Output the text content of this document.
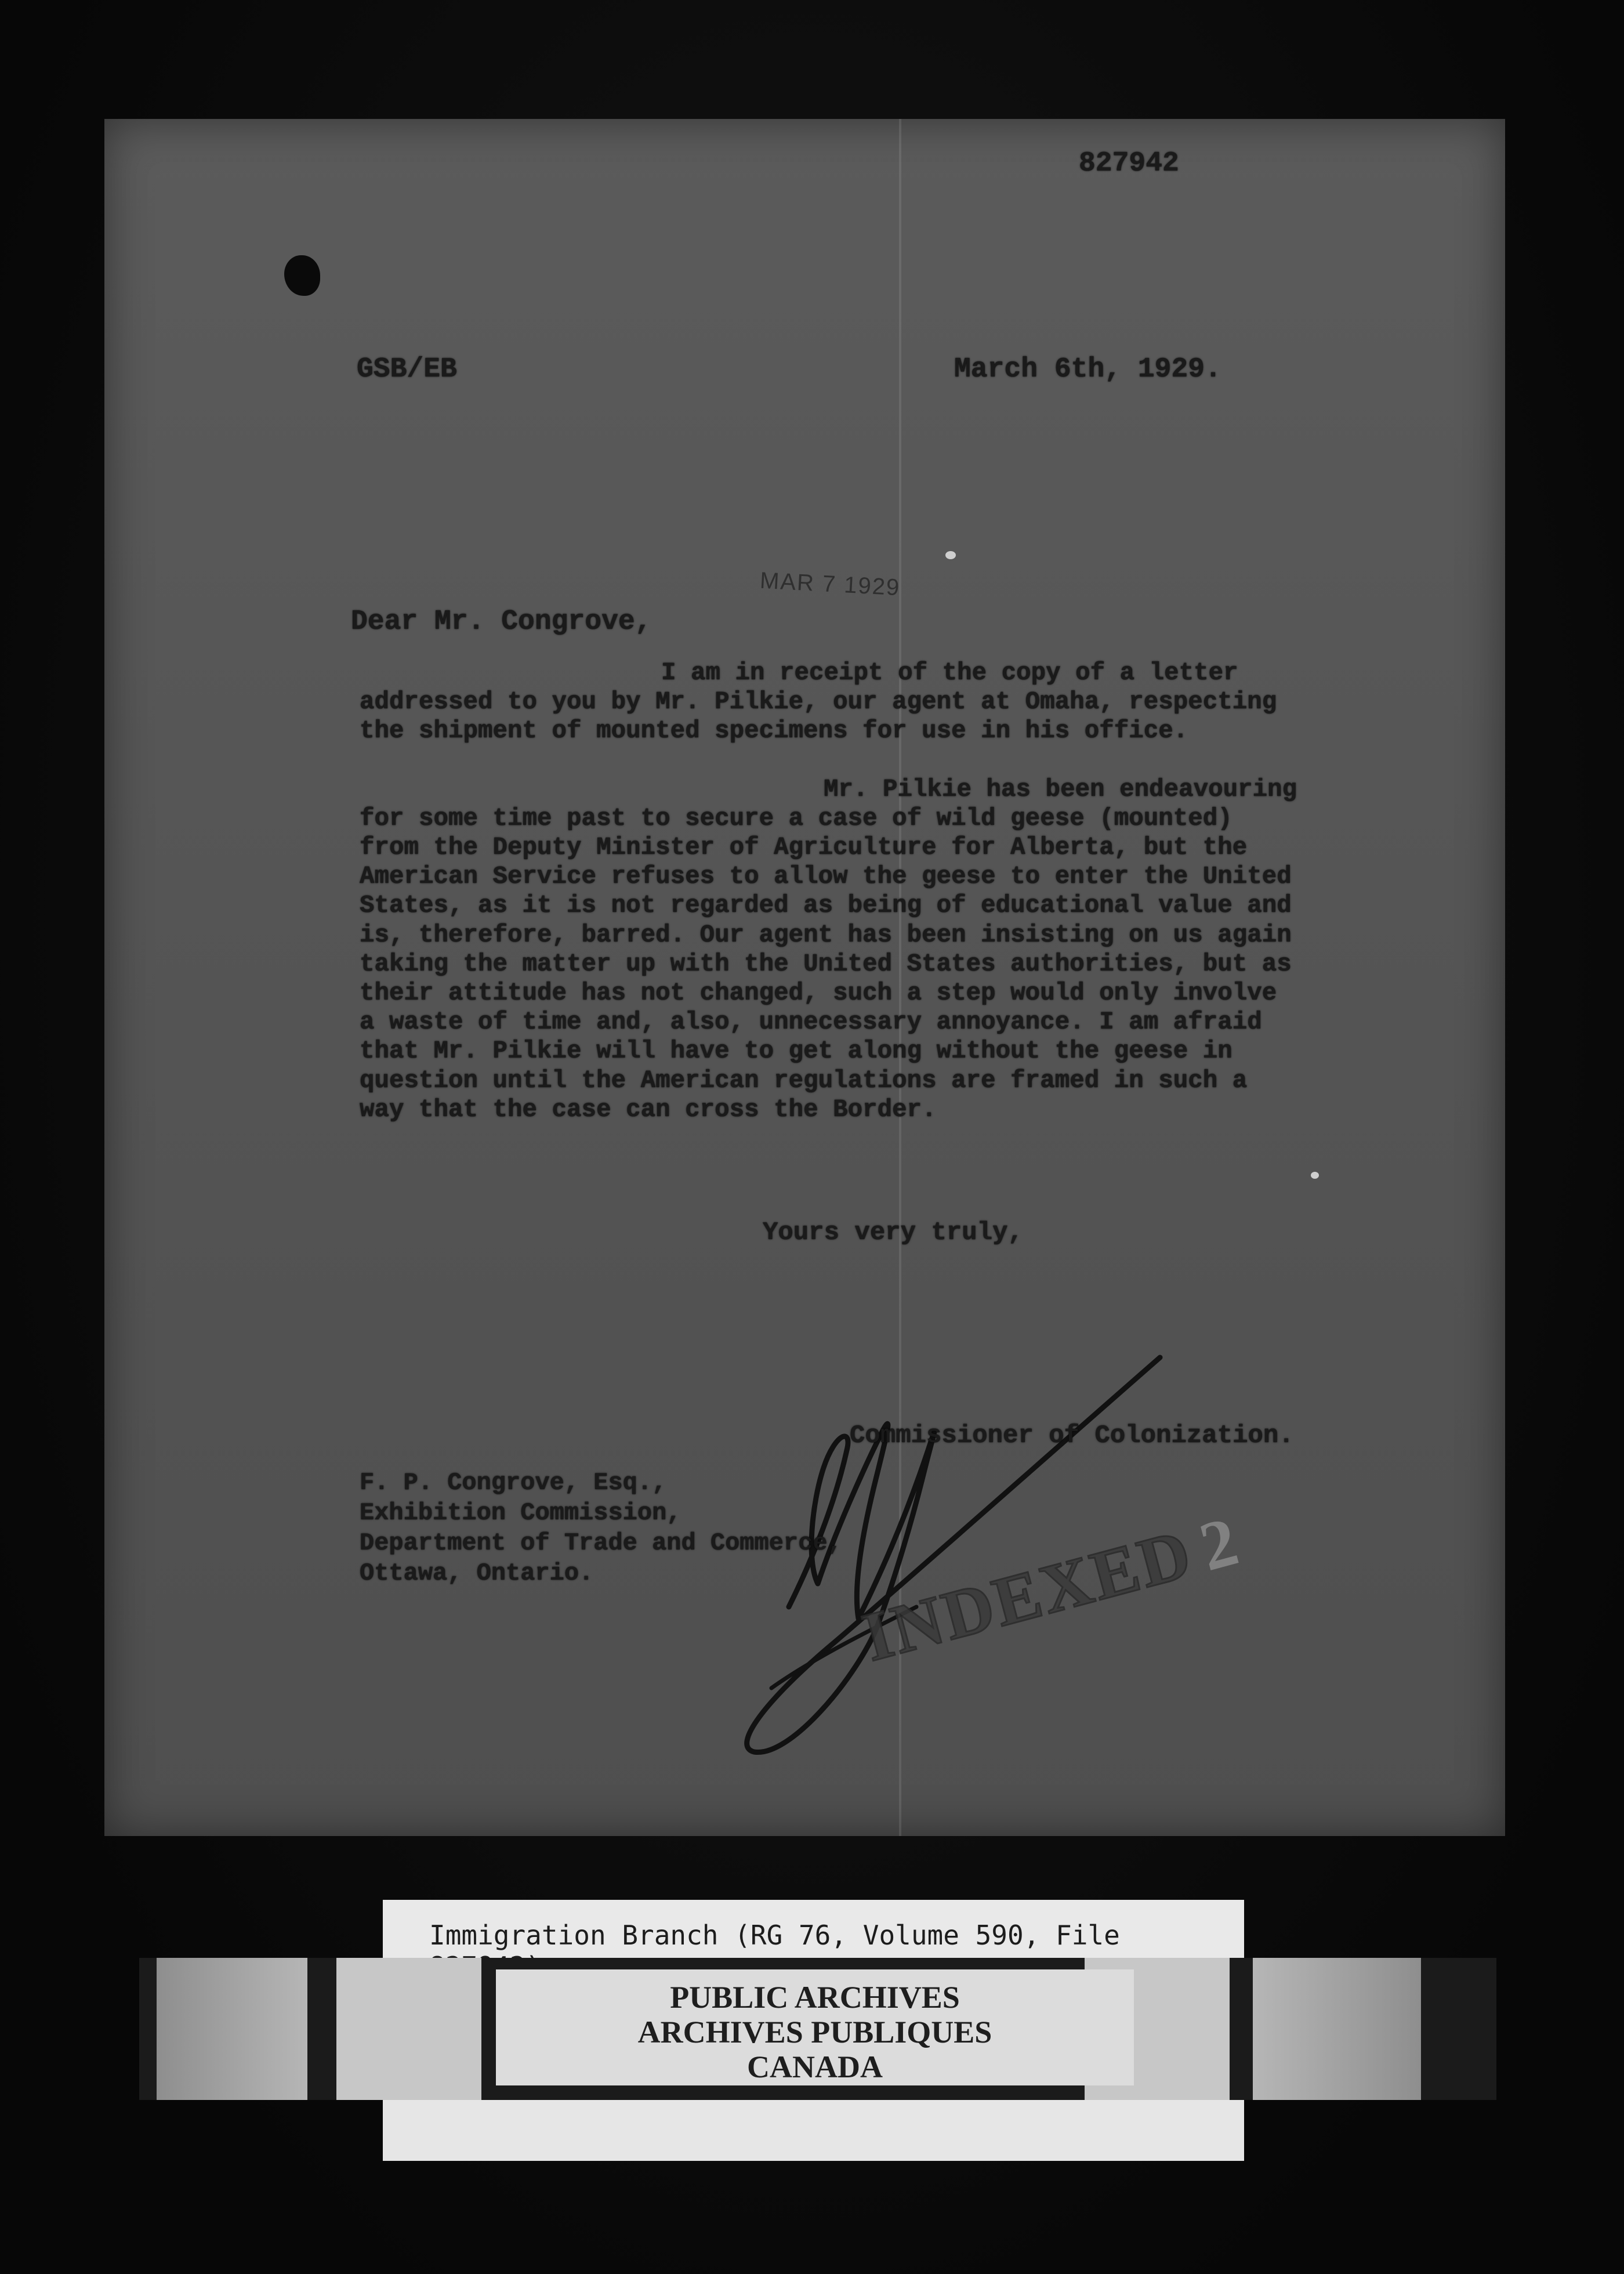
827942
GSB/EB	March 6th, 1929.
MAR 7 1929
Dear Mr. Congrove,

I am in receipt of the copy of a letter addressed to you by Mr. Pilkie, our agent at Omaha, respecting the shipment of mounted specimens for use in his office.

Mr. Pilkie has been endeavouring for some time past to secure a case of wild geese (mounted) from the Deputy Minister of Agriculture for Alberta, but the American Service refuses to allow the geese to enter the United States, as it is not regarded as being of educational value and is, therefore, barred. Our agent has been insisting on us again taking the matter up with the United States authorities, but as their attitude has not changed, such a step would only involve a waste of time and, also, unnecessary annoyance. I am afraid that Mr. Pilkie will have to get along without the geese in question until the American regulations are framed in such a way that the case can cross the Border.

Yours very truly,
Commissioner of Colonization.
F. P. Congrove, Esq.,
Exhibition Commission,
Department of Trade and Commerce,
Ottawa, Ontario.	INDEXED2
Immigration Branch (RG 76, Volume 590, File
PUBLIC ARCHIVES
ARCHIVES PUBLIQUES
CANADA
